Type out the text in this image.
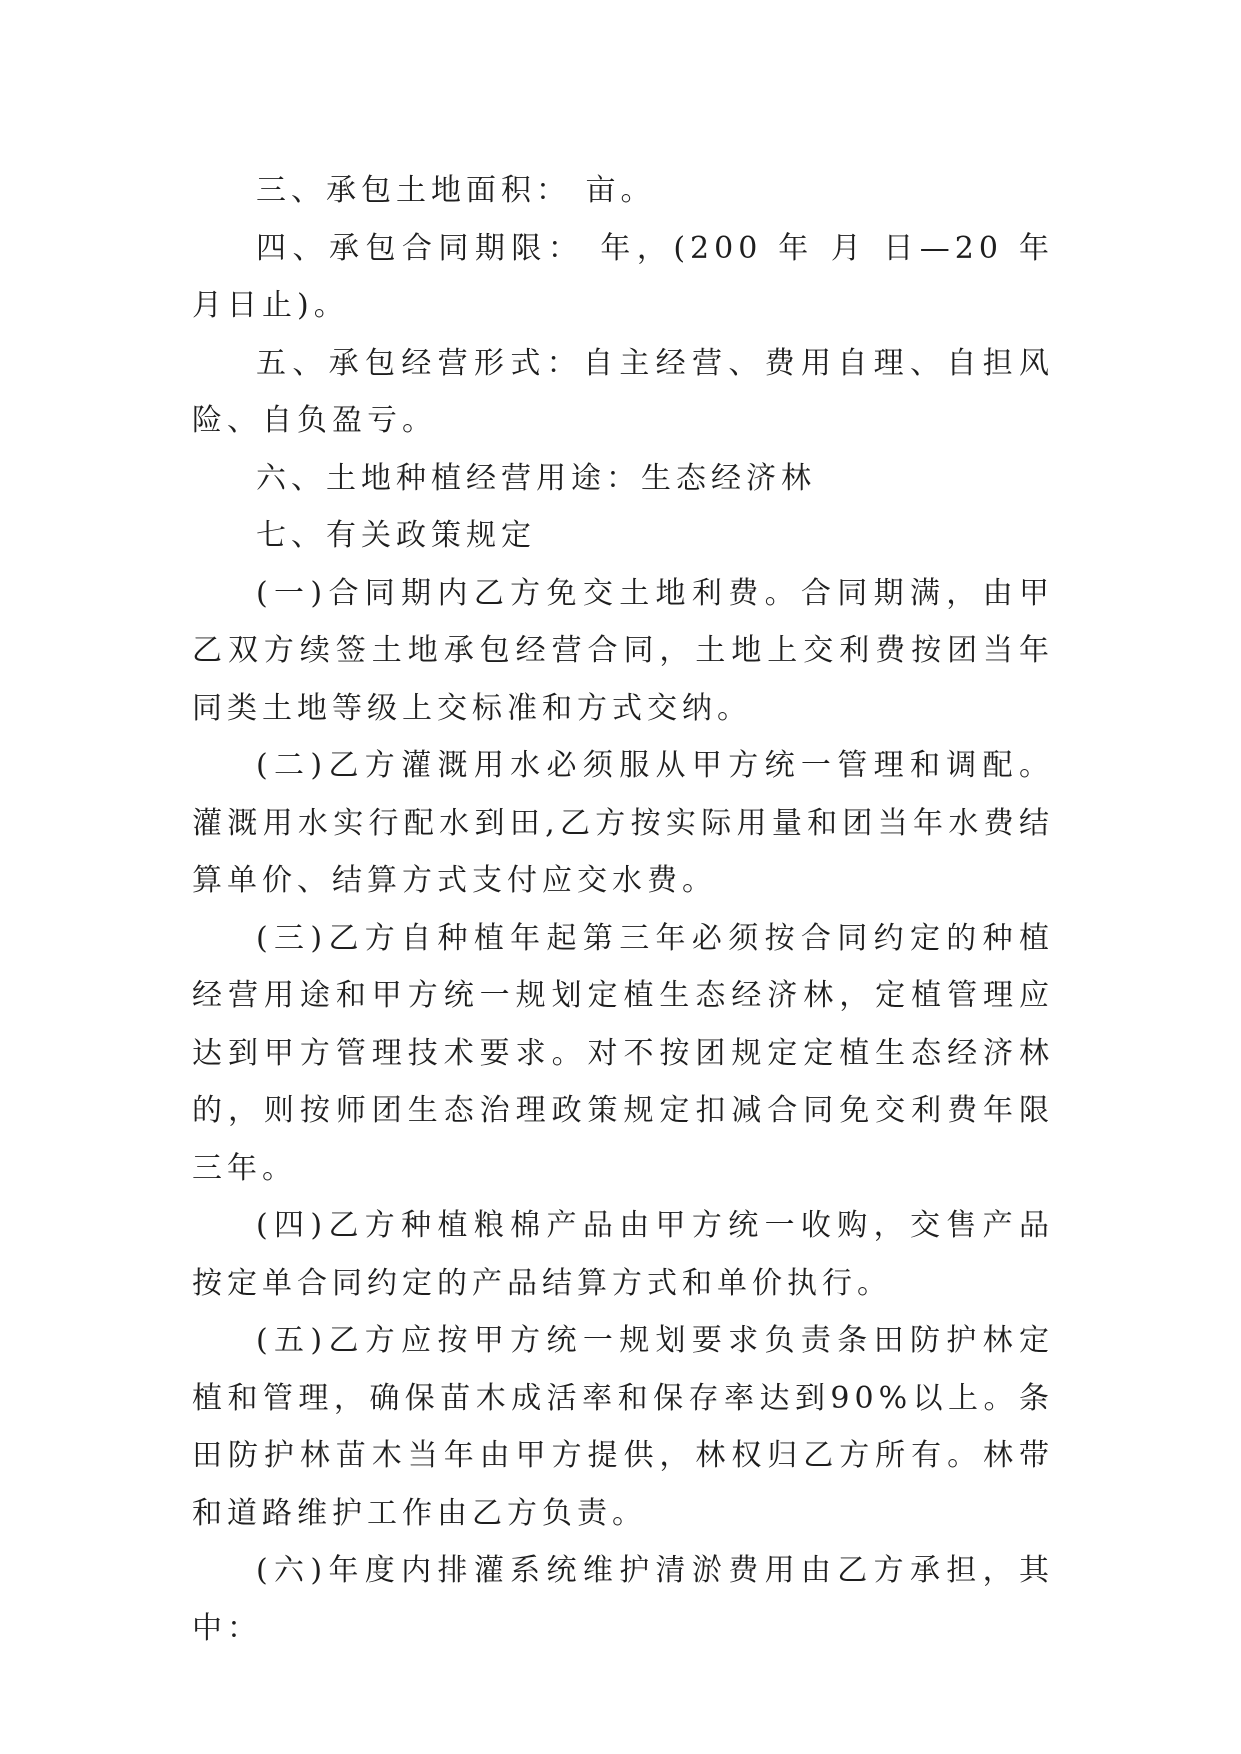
三、承包土地面积： 亩。

四、承包合同期限： 年，(200 年 月 日—20 年 月日止)。

五、承包经营形式：自主经营、费用自理、自担风险、自负盈亏。

六、土地种植经营用途：生态经济林

七、有关政策规定

(一)合同期内乙方免交土地利费。合同期满，由甲乙双方续签土地承包经营合同，土地上交利费按团当年同类土地等级上交标准和方式交纳。

(二)乙方灌溉用水必须服从甲方统一管理和调配。灌溉用水实行配水到田,乙方按实际用量和团当年水费结算单价、结算方式支付应交水费。

(三)乙方自种植年起第三年必须按合同约定的种植经营用途和甲方统一规划定植生态经济林，定植管理应达到甲方管理技术要求。对不按团规定定植生态经济林的，则按师团生态治理政策规定扣减合同免交利费年限三年。

(四)乙方种植粮棉产品由甲方统一收购，交售产品按定单合同约定的产品结算方式和单价执行。

(五)乙方应按甲方统一规划要求负责条田防护林定植和管理，确保苗木成活率和保存率达到90%以上。条田防护林苗木当年由甲方提供，林权归乙方所有。林带和道路维护工作由乙方负责。

(六)年度内排灌系统维护清淤费用由乙方承担，其中：
